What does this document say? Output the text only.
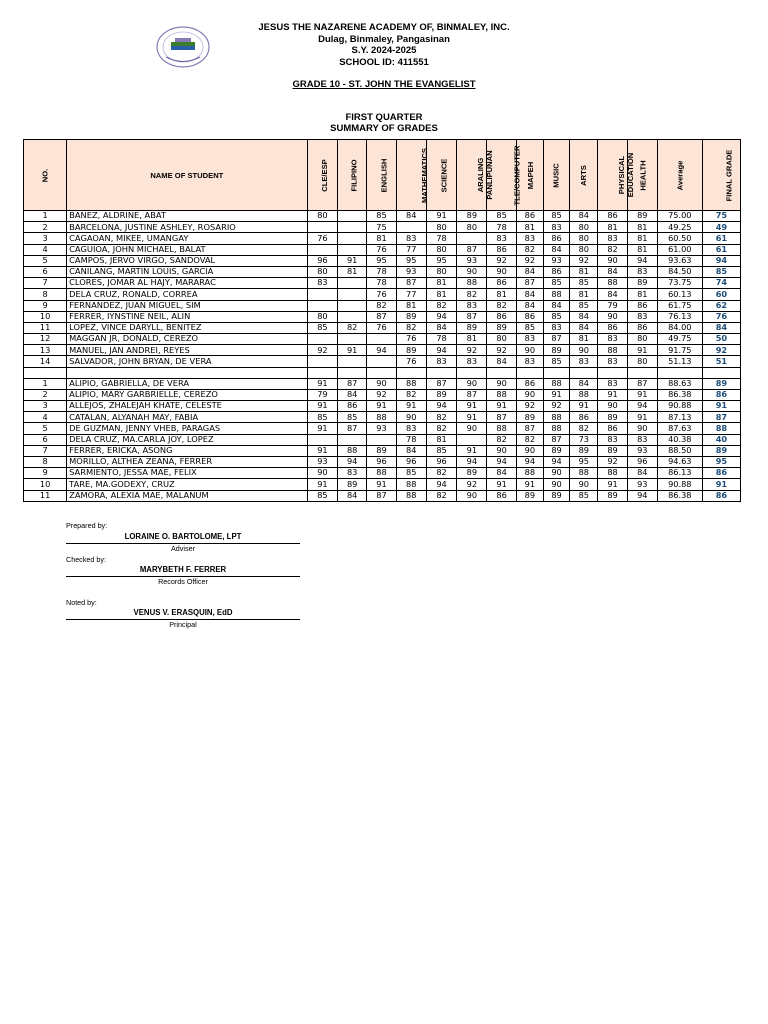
JESUS THE NAZARENE ACADEMY OF, BINMALEY, INC.
Dulag, Binmaley, Pangasinan
S.Y. 2024-2025
SCHOOL ID: 411551
GRADE 10 - ST. JOHN THE EVANGELIST
FIRST QUARTER
SUMMARY OF GRADES
NO.	NAME OF STUDENT	CLE/ESP	FILIPINO	ENGLISH	MATHEMATICS	SCIENCE	ARALING PANLIPUNAN	TLE/COMPUTER	MAPEH	MUSIC	ARTS	PHYSICAL EDUCATION	HEALTH	Average	FINAL GRADE
1	BANEZ, ALDRINE, ABAT	80		85	84	91	89	85	86	85	84	86	89	75.00	75
2	BARCELONA, JUSTINE ASHLEY, ROSARIO			75		80	80	78	81	83	80	81	81	49.25	49
3	CAGAOAN, MIKEE, UMANGAY	76		81	83	78		83	83	86	80	83	81	60.50	61
4	CAGUIOA, JOHN MICHAEL, BALAT			76	77	80	87	86	82	84	80	82	81	61.00	61
5	CAMPOS, JERVO VIRGO, SANDOVAL	96	91	95	95	95	93	92	92	93	92	90	94	93.63	94
6	CANILANG, MARTIN LOUIS, GARCIA	80	81	78	93	80	90	90	84	86	81	84	83	84.50	85
7	CLORES, JOMAR AL HAJY, MARARAC	83		78	87	81	88	86	87	85	85	88	89	73.75	74
8	DELA CRUZ, RONALD, CORREA			76	77	81	82	81	84	88	81	84	81	60.13	60
9	FERNANDEZ, JUAN MIGUEL, SIM			82	81	82	83	82	84	84	85	79	86	61.75	62
10	FERRER, IYNSTINE NEIL, ALIN	80		87	89	94	87	86	86	85	84	90	83	76.13	76
11	LOPEZ, VINCE DARYLL, BENITEZ	85	82	76	82	84	89	89	85	83	84	86	86	84.00	84
12	MAGGAN JR, DONALD, CEREZO				76	78	81	80	83	87	81	83	80	49.75	50
13	MANUEL, JAN ANDREI, REYES	92	91	94	89	94	92	92	90	89	90	88	91	91.75	92
14	SALVADOR, JOHN BRYAN, DE VERA				76	83	83	84	83	85	83	83	80	51.13	51

1	ALIPIO, GABRIELLA, DE VERA	91	87	90	88	87	90	90	86	88	84	83	87	88.63	89
2	ALIPIO, MARY GARBRIELLE, CEREZO	79	84	92	82	89	87	88	90	91	88	91	91	86.38	86
3	ALLEJOS, ZHALEJAH KHATE, CELESTE	91	86	91	91	94	91	91	92	92	91	90	94	90.88	91
4	CATALAN, ALYANAH MAY, FABIA	85	85	88	90	82	91	87	89	88	86	89	91	87.13	87
5	DE GUZMAN, JENNY VHEB, PARAGAS	91	87	93	83	82	90	88	87	88	82	86	90	87.63	88
6	DELA CRUZ, MA.CARLA JOY, LOPEZ				78	81		82	82	87	73	83	83	40.38	40
7	FERRER, ERICKA, ASONG	91	88	89	84	85	91	90	90	89	89	89	93	88.50	89
8	MORILLO, ALTHEA ZEANA, FERRER	93	94	96	96	96	94	94	94	94	95	92	96	94.63	95
9	SARMIENTO, JESSA MAE, FELIX	90	83	88	85	82	89	84	88	90	88	88	84	86.13	86
10	TARE, MA.GODEXY, CRUZ	91	89	91	88	94	92	91	91	90	90	91	93	90.88	91
11	ZAMORA, ALEXIA MAE, MALANUM	85	84	87	88	82	90	86	89	89	85	89	94	86.38	86
Prepared by:
LORAINE O. BARTOLOME, LPT
Adviser
Checked by:
MARYBETH F. FERRER
Records Officer
Noted by:
VENUS V. ERASQUIN, EdD
Principal
